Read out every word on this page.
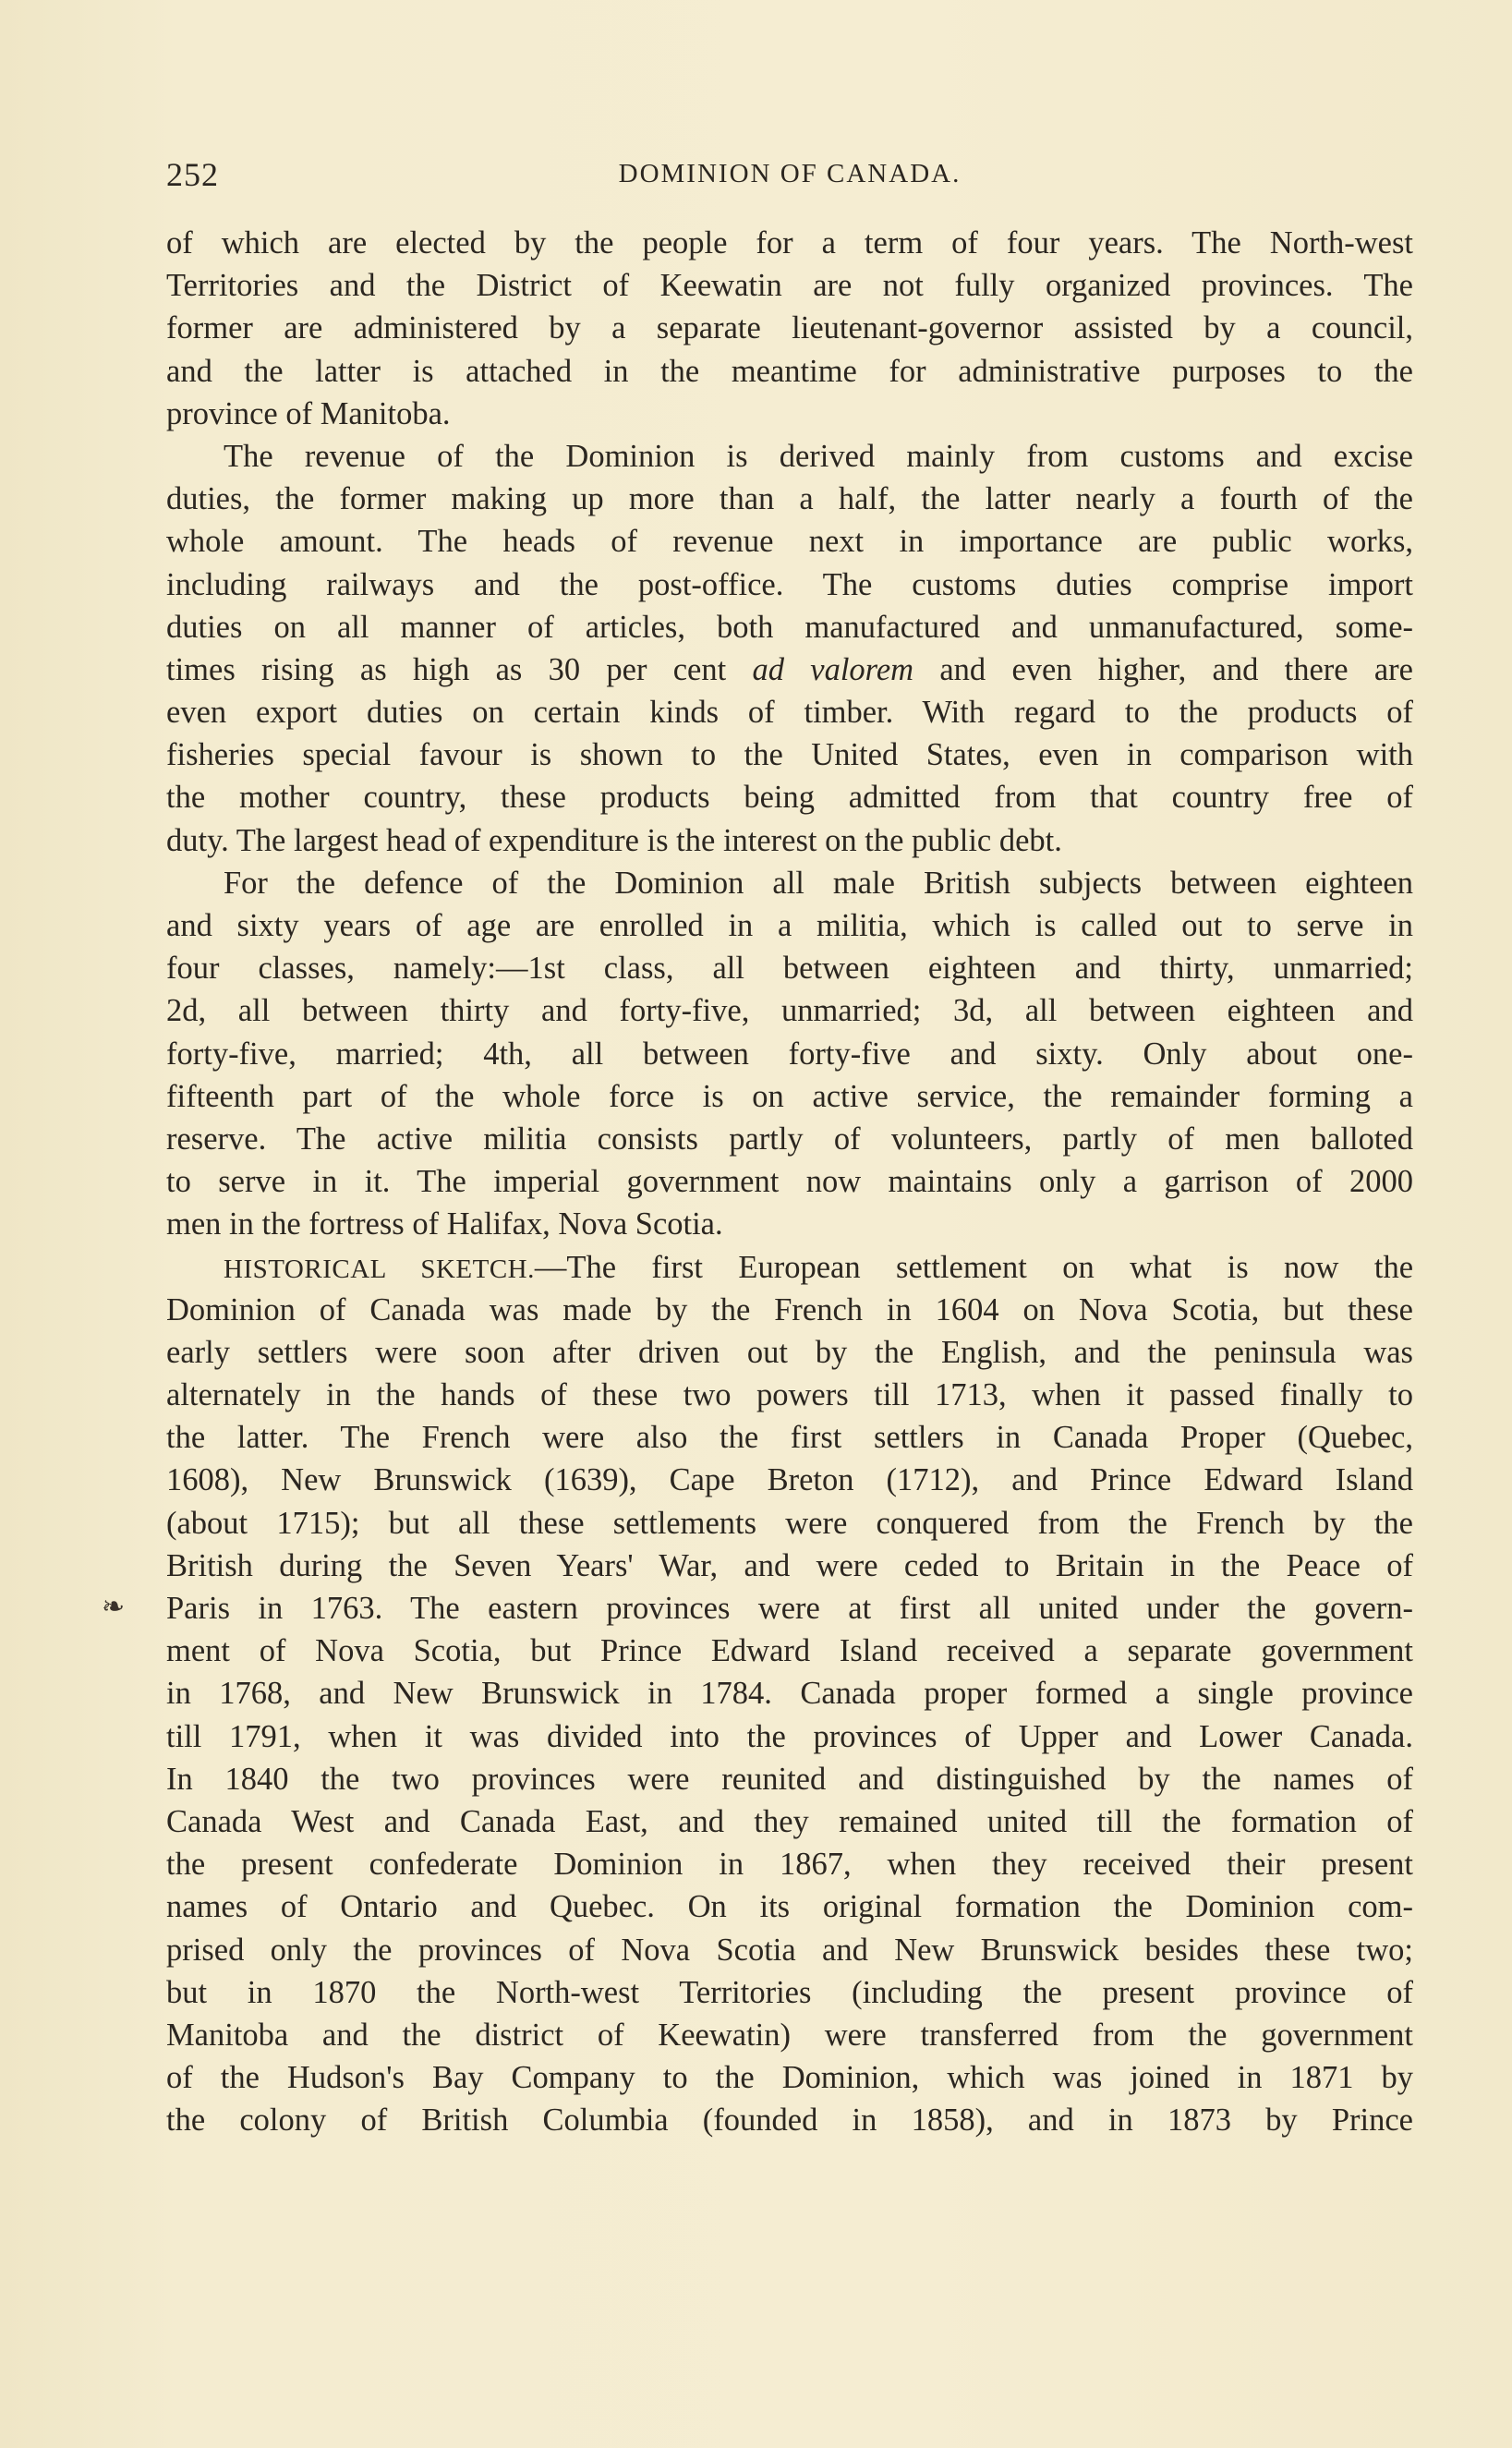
252	DOMINION OF CANADA.
❧
of which are elected by the people for a term of four years. The North-west
Territories and the District of Keewatin are not fully organized provinces. The
former are administered by a separate lieutenant-governor assisted by a council,
and the latter is attached in the meantime for administrative purposes to the
province of Manitoba.
The revenue of the Dominion is derived mainly from customs and excise
duties, the former making up more than a half, the latter nearly a fourth of the
whole amount. The heads of revenue next in importance are public works,
including railways and the post-office. The customs duties comprise import
duties on all manner of articles, both manufactured and unmanufactured, some-
times rising as high as 30 per cent ad valorem and even higher, and there are
even export duties on certain kinds of timber. With regard to the products of
fisheries special favour is shown to the United States, even in comparison with
the mother country, these products being admitted from that country free of
duty. The largest head of expenditure is the interest on the public debt.
For the defence of the Dominion all male British subjects between eighteen
and sixty years of age are enrolled in a militia, which is called out to serve in
four classes, namely:—1st class, all between eighteen and thirty, unmarried;
2d, all between thirty and forty-five, unmarried; 3d, all between eighteen and
forty-five, married; 4th, all between forty-five and sixty. Only about one-
fifteenth part of the whole force is on active service, the remainder forming a
reserve. The active militia consists partly of volunteers, partly of men balloted
to serve in it. The imperial government now maintains only a garrison of 2000
men in the fortress of Halifax, Nova Scotia.
HISTORICAL SKETCH.—The first European settlement on what is now the
Dominion of Canada was made by the French in 1604 on Nova Scotia, but these
early settlers were soon after driven out by the English, and the peninsula was
alternately in the hands of these two powers till 1713, when it passed finally to
the latter. The French were also the first settlers in Canada Proper (Quebec,
1608), New Brunswick (1639), Cape Breton (1712), and Prince Edward Island
(about 1715); but all these settlements were conquered from the French by the
British during the Seven Years' War, and were ceded to Britain in the Peace of
Paris in 1763. The eastern provinces were at first all united under the govern-
ment of Nova Scotia, but Prince Edward Island received a separate government
in 1768, and New Brunswick in 1784. Canada proper formed a single province
till 1791, when it was divided into the provinces of Upper and Lower Canada.
In 1840 the two provinces were reunited and distinguished by the names of
Canada West and Canada East, and they remained united till the formation of
the present confederate Dominion in 1867, when they received their present
names of Ontario and Quebec. On its original formation the Dominion com-
prised only the provinces of Nova Scotia and New Brunswick besides these two;
but in 1870 the North-west Territories (including the present province of
Manitoba and the district of Keewatin) were transferred from the government
of the Hudson's Bay Company to the Dominion, which was joined in 1871 by
the colony of British Columbia (founded in 1858), and in 1873 by Prince
